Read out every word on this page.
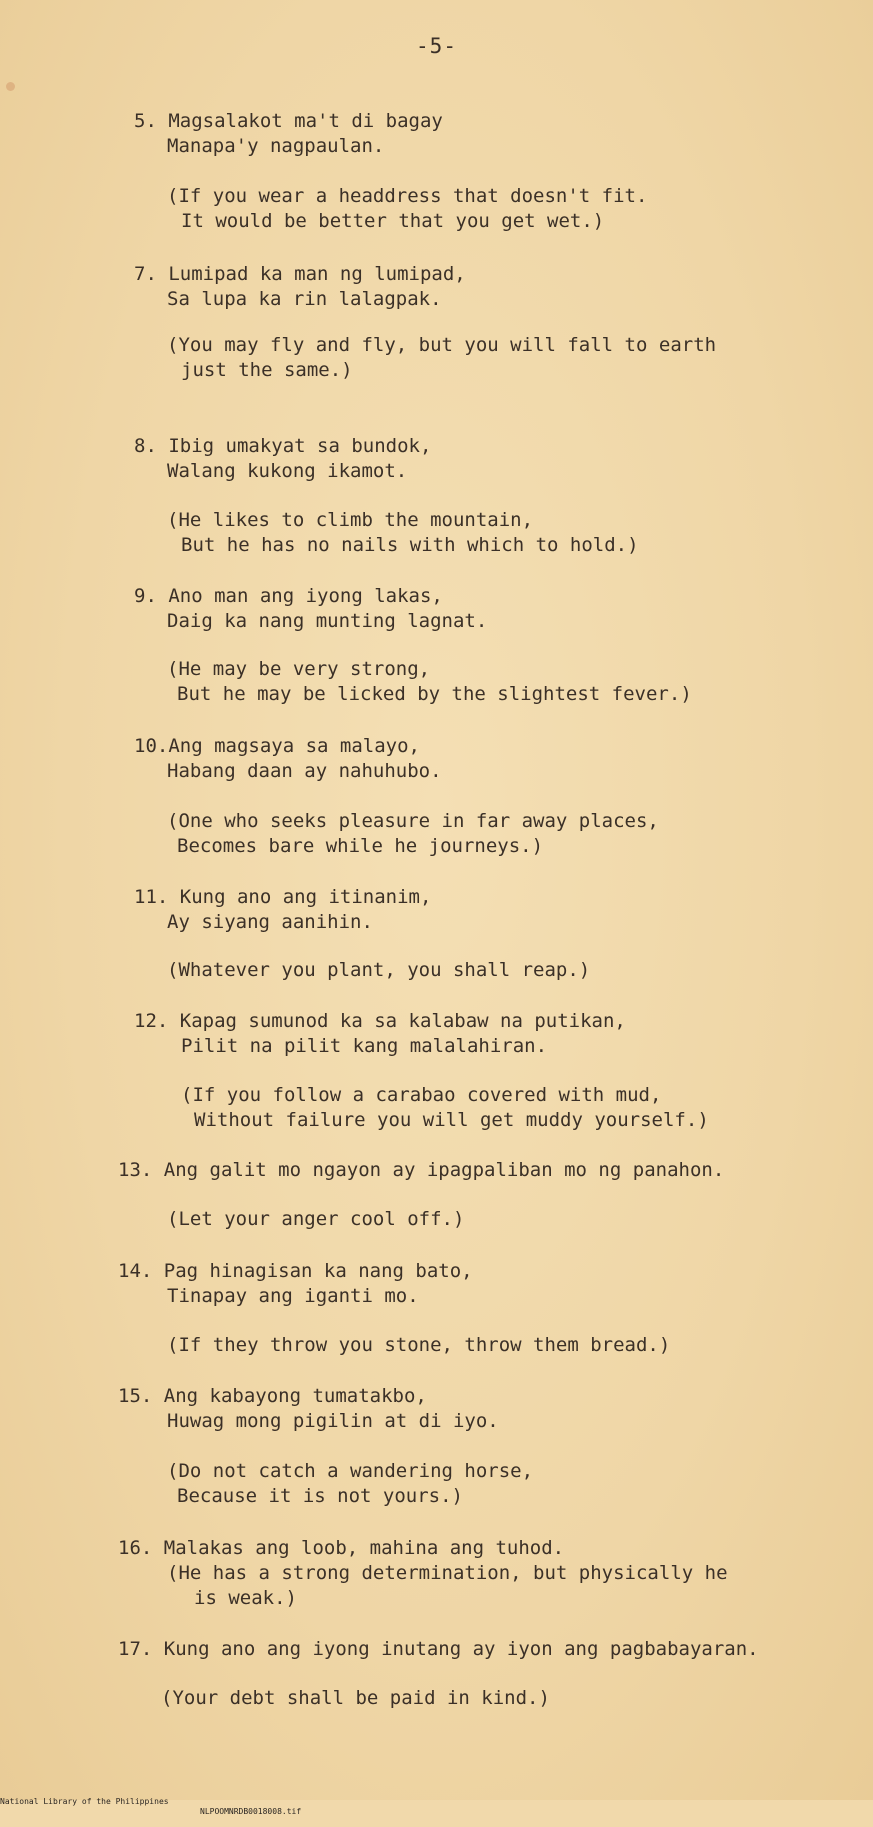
-5-
5. Magsalakot ma't di bagay
Manapa'y nagpaulan.
(If you wear a headdress that doesn't fit.
It would be better that you get wet.)
7. Lumipad ka man ng lumipad,
Sa lupa ka rin lalagpak.
(You may fly and fly, but you will fall to earth
just the same.)
8. Ibig umakyat sa bundok,
Walang kukong ikamot.
(He likes to climb the mountain,
But he has no nails with which to hold.)
9. Ano man ang iyong lakas,
Daig ka nang munting lagnat.
(He may be very strong,
But he may be licked by the slightest fever.)
10.Ang magsaya sa malayo,
Habang daan ay nahuhubo.
(One who seeks pleasure in far away places,
Becomes bare while he journeys.)
11. Kung ano ang itinanim,
Ay siyang aanihin.
(Whatever you plant, you shall reap.)
12. Kapag sumunod ka sa kalabaw na putikan,
Pilit na pilit kang malalahiran.
(If you follow a carabao covered with mud,
Without failure you will get muddy yourself.)
13. Ang galit mo ngayon ay ipagpaliban mo ng panahon.
(Let your anger cool off.)
14. Pag hinagisan ka nang bato,
Tinapay ang iganti mo.
(If they throw you stone, throw them bread.)
15. Ang kabayong tumatakbo,
Huwag mong pigilin at di iyo.
(Do not catch a wandering horse,
Because it is not yours.)
16. Malakas ang loob, mahina ang tuhod.
(He has a strong determination, but physically he
is weak.)
17. Kung ano ang iyong inutang ay iyon ang pagbabayaran.
(Your debt shall be paid in kind.)

National Library of the Philippines

NLPOOMNRDB0018008.tif
